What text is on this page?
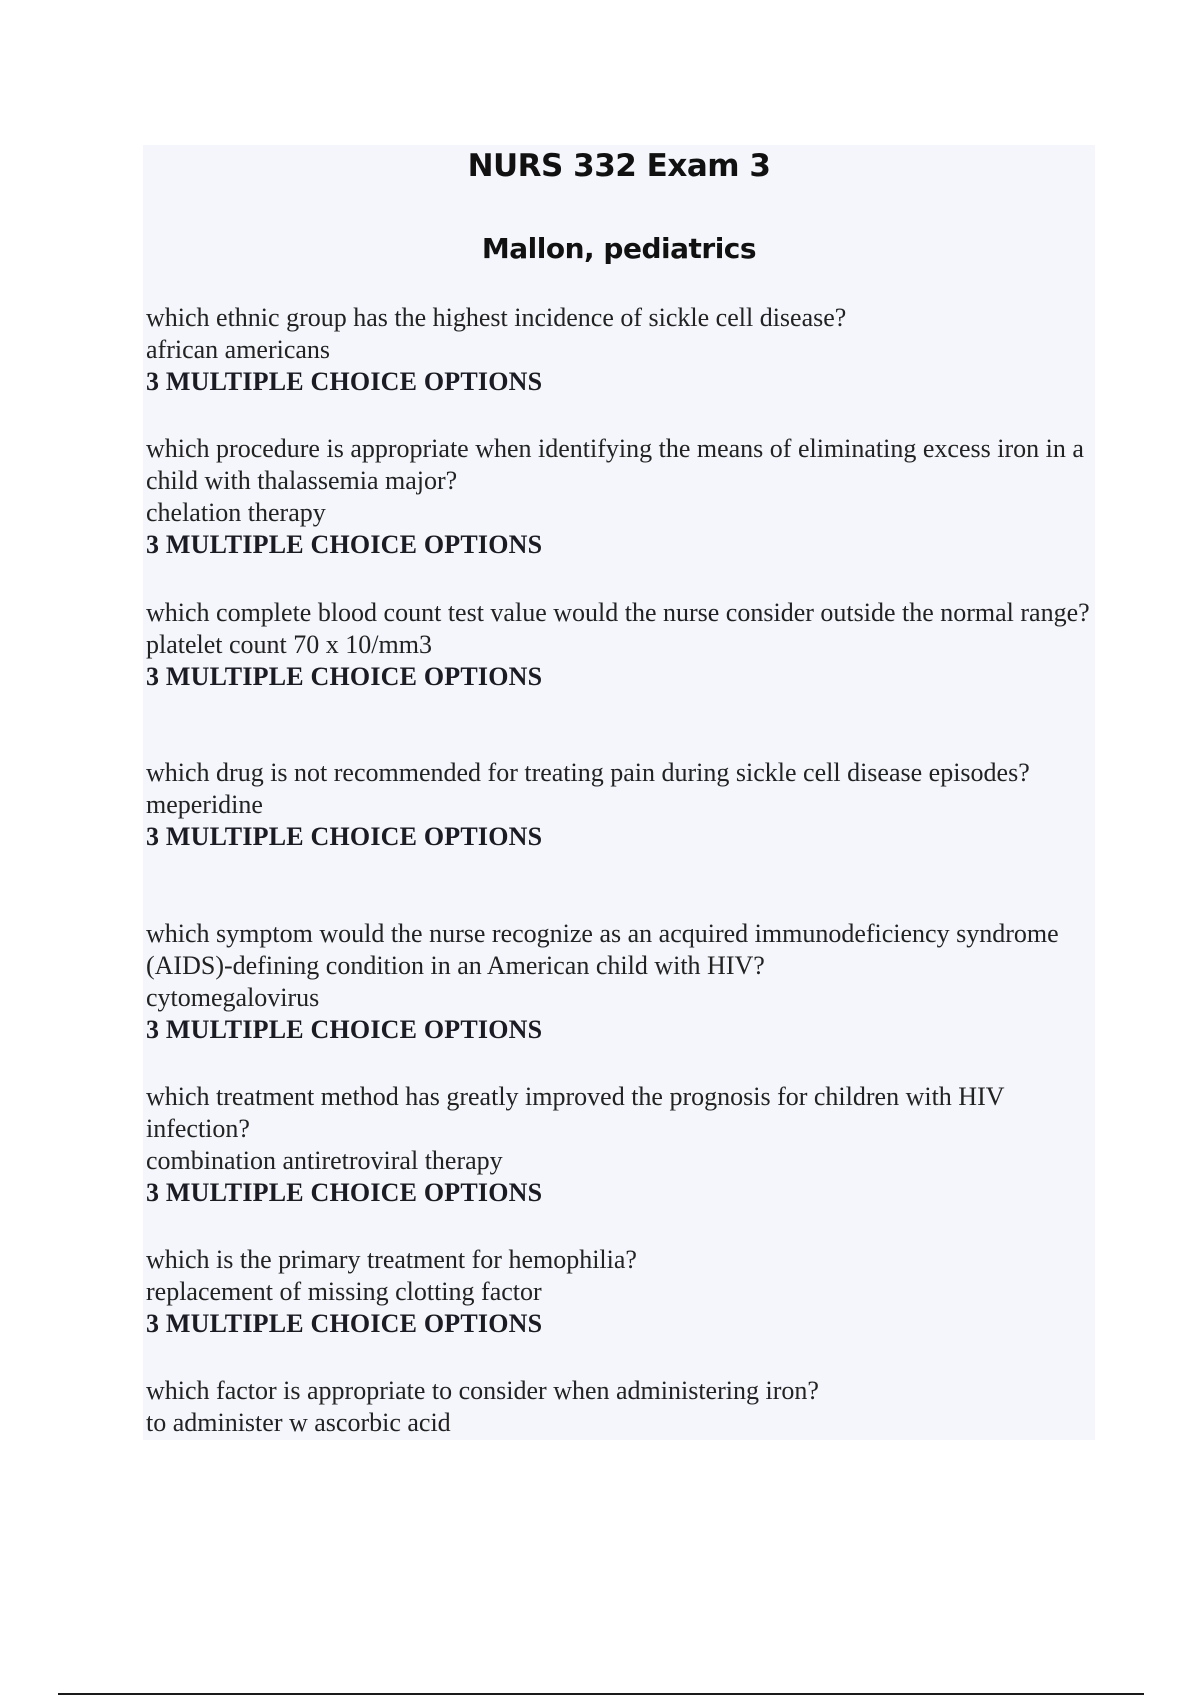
NURS 332 Exam 3
Mallon, pediatrics
which ethnic group has the highest incidence of sickle cell disease?
african americans
3 MULTIPLE CHOICE OPTIONS
which procedure is appropriate when identifying the means of eliminating excess iron in a child with thalassemia major?
chelation therapy
3 MULTIPLE CHOICE OPTIONS
which complete blood count test value would the nurse consider outside the normal range?
platelet count 70 x 10/mm3
3 MULTIPLE CHOICE OPTIONS
which drug is not recommended for treating pain during sickle cell disease episodes?
meperidine
3 MULTIPLE CHOICE OPTIONS
which symptom would the nurse recognize as an acquired immunodeficiency syndrome (AIDS)-defining condition in an American child with HIV?
cytomegalovirus
3 MULTIPLE CHOICE OPTIONS
which treatment method has greatly improved the prognosis for children with HIV infection?
combination antiretroviral therapy
3 MULTIPLE CHOICE OPTIONS
which is the primary treatment for hemophilia?
replacement of missing clotting factor
3 MULTIPLE CHOICE OPTIONS
which factor is appropriate to consider when administering iron?
to administer w ascorbic acid
